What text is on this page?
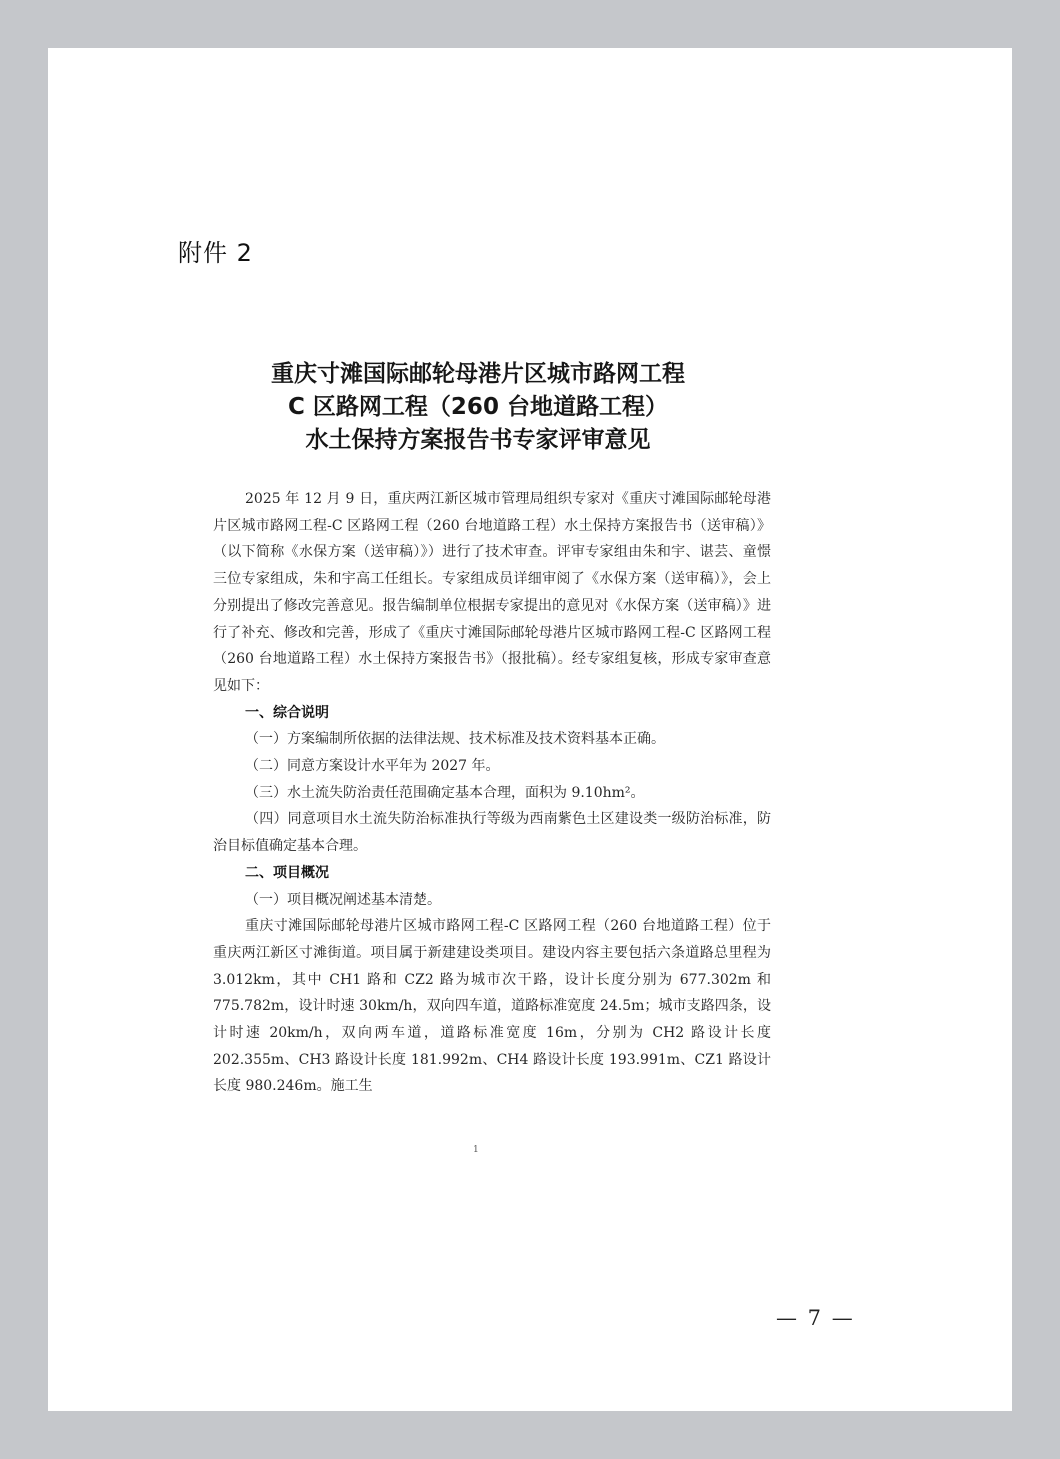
附件 2
重庆寸滩国际邮轮母港片区城市路网工程
C 区路网工程（260 台地道路工程）
水土保持方案报告书专家评审意见

2025 年 12 月 9 日，重庆两江新区城市管理局组织专家对《重庆寸滩国际邮轮母港片区城市路网工程-C 区路网工程（260 台地道路工程）水土保持方案报告书（送审稿）》（以下简称《水保方案（送审稿）》）进行了技术审查。评审专家组由朱和宇、谌芸、童憬三位专家组成，朱和宇高工任组长。专家组成员详细审阅了《水保方案（送审稿）》，会上分别提出了修改完善意见。报告编制单位根据专家提出的意见对《水保方案（送审稿）》进行了补充、修改和完善，形成了《重庆寸滩国际邮轮母港片区城市路网工程-C 区路网工程（260 台地道路工程）水土保持方案报告书》（报批稿）。经专家组复核，形成专家审查意见如下：

一、综合说明

（一）方案编制所依据的法律法规、技术标准及技术资料基本正确。

（二）同意方案设计水平年为 2027 年。

（三）水土流失防治责任范围确定基本合理，面积为 9.10hm²。

（四）同意项目水土流失防治标准执行等级为西南紫色土区建设类一级防治标准，防治目标值确定基本合理。

二、项目概况

（一）项目概况阐述基本清楚。

重庆寸滩国际邮轮母港片区城市路网工程-C 区路网工程（260 台地道路工程）位于重庆两江新区寸滩街道。项目属于新建建设类项目。建设内容主要包括六条道路总里程为 3.012km，其中 CH1 路和 CZ2 路为城市次干路，设计长度分别为 677.302m 和 775.782m，设计时速 30km/h，双向四车道，道路标准宽度 24.5m；城市支路四条，设计时速 20km/h，双向两车道，道路标准宽度 16m，分别为 CH2 路设计长度 202.355m、CH3 路设计长度 181.992m、CH4 路设计长度 193.991m、CZ1 路设计长度 980.246m。施工生

1
— 7 —
